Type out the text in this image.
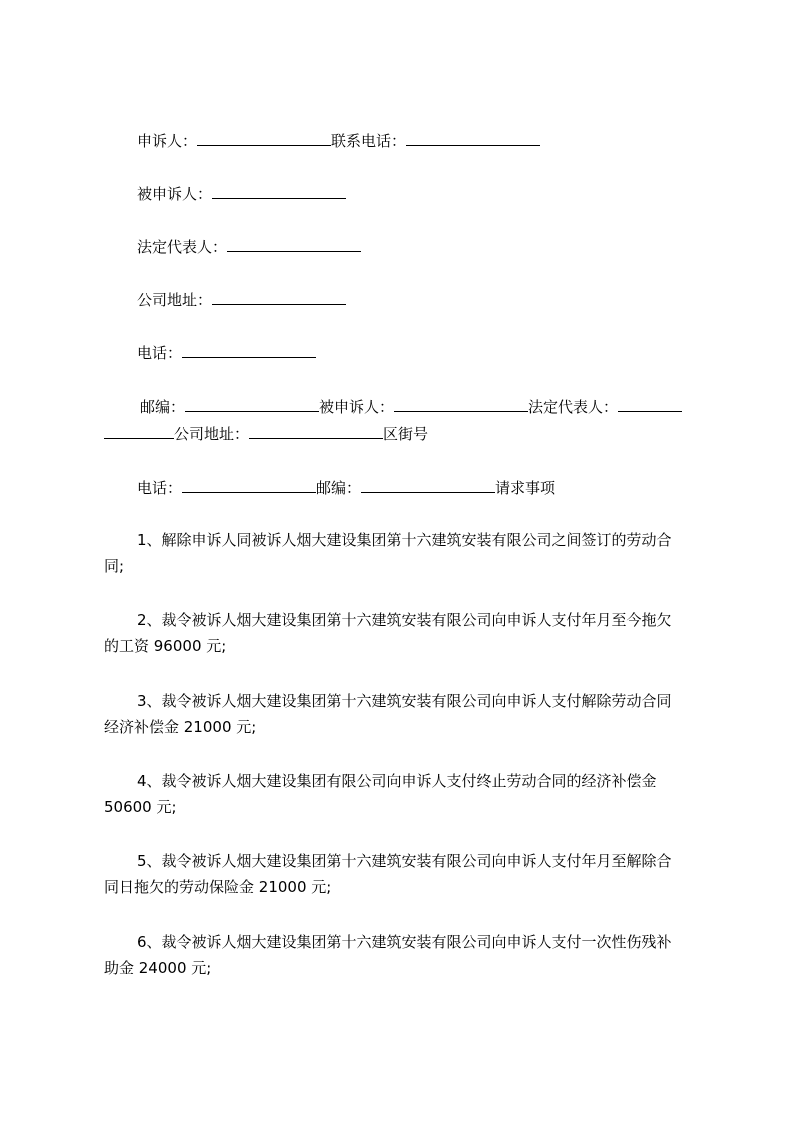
申诉人：	联系电话：
被申诉人：
法定代表人：
公司地址：
电话：
邮编：	被申诉人：	法定代表人：
公司地址：	区街号
电话：	邮编：	请求事项
1、解除申诉人同被诉人烟大建设集团第十六建筑安装有限公司之间签订的劳动合
同;
2、裁令被诉人烟大建设集团第十六建筑安装有限公司向申诉人支付年月至今拖欠
的工资 96000 元;
3、裁令被诉人烟大建设集团第十六建筑安装有限公司向申诉人支付解除劳动合同
经济补偿金 21000 元;
4、裁令被诉人烟大建设集团有限公司向申诉人支付终止劳动合同的经济补偿金
50600 元;
5、裁令被诉人烟大建设集团第十六建筑安装有限公司向申诉人支付年月至解除合
同日拖欠的劳动保险金 21000 元;
6、裁令被诉人烟大建设集团第十六建筑安装有限公司向申诉人支付一次性伤残补
助金 24000 元;
